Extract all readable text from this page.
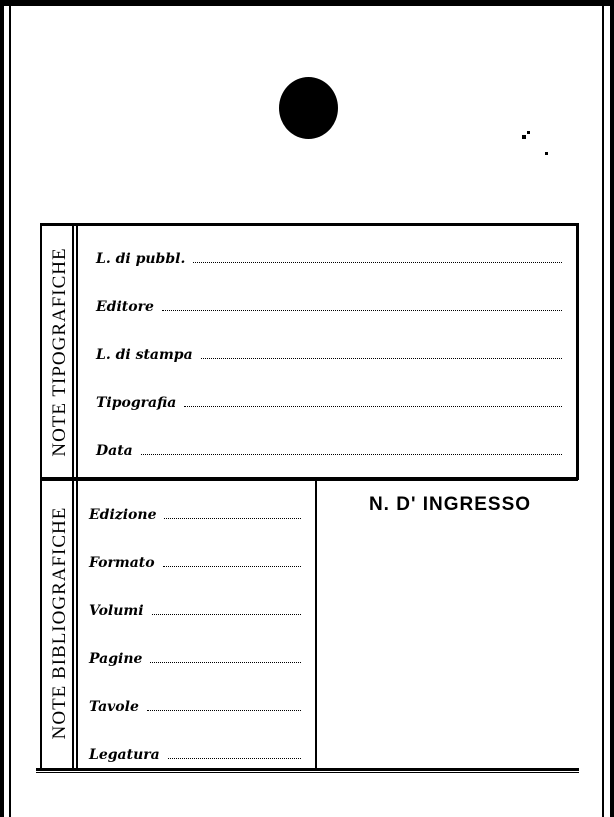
NOTE TIPOGRAFICHE
NOTE BIBLIOGRAFICHE
L. di pubbl.
Editore
L. di stampa
Tipografia
Data
Edizione
Formato
Volumi
Pagine
Tavole
Legatura
N. D' INGRESSO
